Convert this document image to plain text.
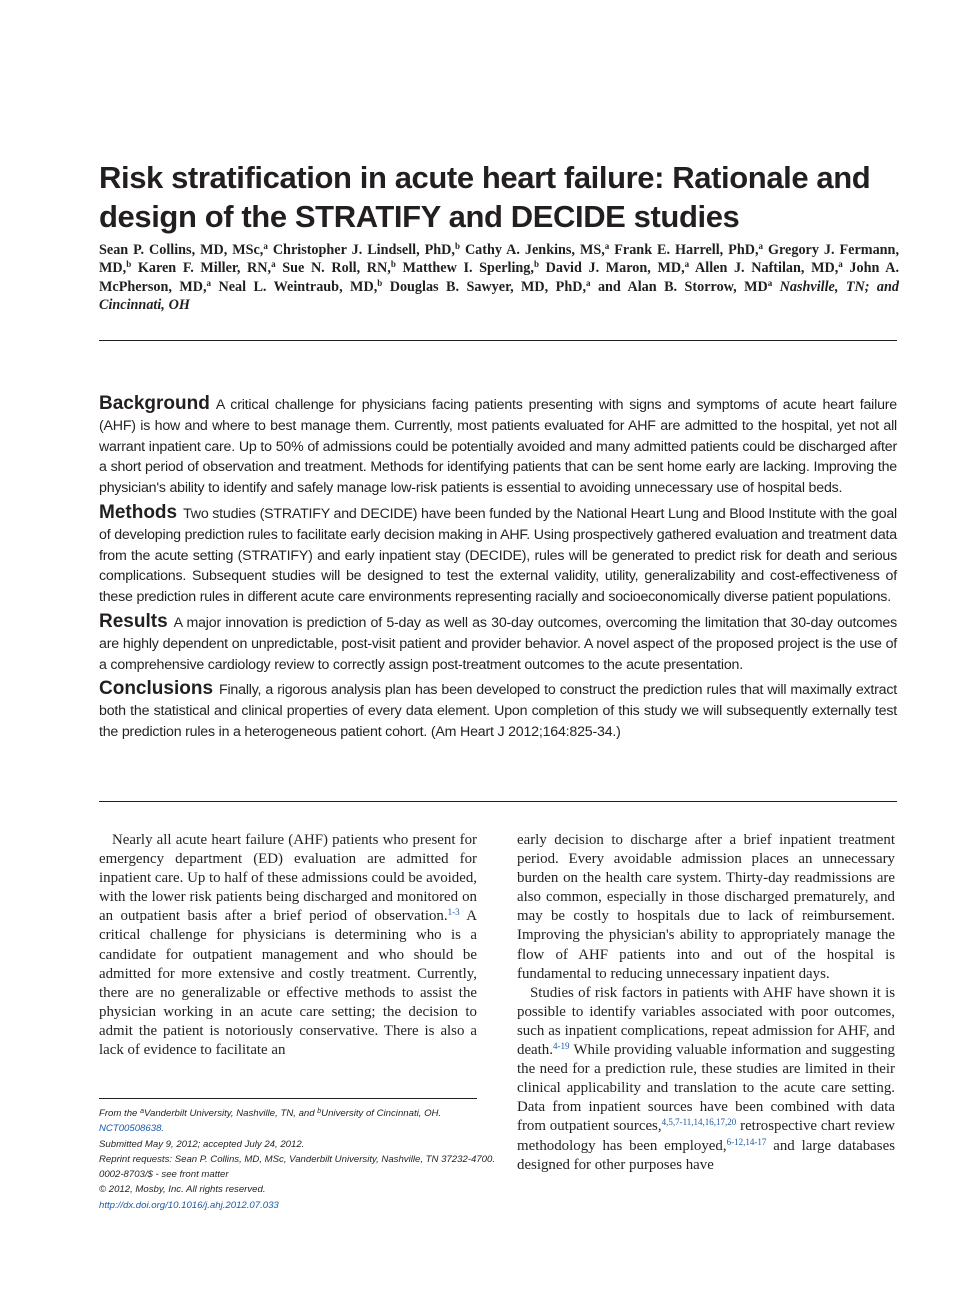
Risk stratification in acute heart failure: Rationale and design of the STRATIFY and DECIDE studies
Sean P. Collins, MD, MSc,$^a$ Christopher J. Lindsell, PhD,$^b$ Cathy A. Jenkins, MS,$^a$ Frank E. Harrell, PhD,$^a$ Gregory J. Fermann, MD,$^b$ Karen F. Miller, RN,$^a$ Sue N. Roll, RN,$^b$ Matthew I. Sperling,$^b$ David J. Maron, MD,$^a$ Allen J. Naftilan, MD,$^a$ John A. McPherson, MD,$^a$ Neal L. Weintraub, MD,$^b$ Douglas B. Sawyer, MD, PhD,$^a$ and Alan B. Storrow, $MD^a$ Nashville, TN; and Cincinnati, OH

Background A critical challenge for physicians facing patients presenting with signs and symptoms of acute heart failure (AHF) is how and where to best manage them. Currently, most patients evaluated for AHF are admitted to the hospital, yet not all warrant inpatient care. Up to 50% of admissions could be potentially avoided and many admitted patients could be discharged after a short period of observation and treatment. Methods for identifying patients that can be sent home early are lacking. Improving the physician's ability to identify and safely manage low-risk patients is essential to avoiding unnecessary use of hospital beds.

Methods Two studies (STRATIFY and DECIDE) have been funded by the National Heart Lung and Blood Institute with the goal of developing prediction rules to facilitate early decision making in AHF. Using prospectively gathered evaluation and treatment data from the acute setting (STRATIFY) and early inpatient stay (DECIDE), rules will be generated to predict risk for death and serious complications. Subsequent studies will be designed to test the external validity, utility, generalizability and cost-effectiveness of these prediction rules in different acute care environments representing racially and socioeconomically diverse patient populations.

Results A major innovation is prediction of 5-day as well as 30-day outcomes, overcoming the limitation that 30-day outcomes are highly dependent on unpredictable, post-visit patient and provider behavior. A novel aspect of the proposed project is the use of a comprehensive cardiology review to correctly assign post-treatment outcomes to the acute presentation.

Conclusions Finally, a rigorous analysis plan has been developed to construct the prediction rules that will maximally extract both the statistical and clinical properties of every data element. Upon completion of this study we will subsequently externally test the prediction rules in a heterogeneous patient cohort. (Am Heart J 2012;164:825-34.)

Nearly all acute heart failure (AHF) patients who present for emergency department (ED) evaluation are admitted for inpatient care. Up to half of these admissions could be avoided, with the lower risk patients being discharged and monitored on an outpatient basis after a brief period of observation.$^{1-3}$ A critical challenge for physicians is determining who is a candidate for outpatient management and who should be admitted for more extensive and costly treatment. Currently, there are no generalizable or effective methods to assist the physician working in an acute care setting; the decision to admit the patient is notoriously conservative. There is also a lack of evidence to facilitate an

early decision to discharge after a brief inpatient treatment period. Every avoidable admission places an unnecessary burden on the health care system. Thirty-day readmissions are also common, especially in those discharged prematurely, and may be costly to hospitals due to lack of reimbursement. Improving the physician's ability to appropriately manage the flow of AHF patients into and out of the hospital is fundamental to reducing unnecessary inpatient days.

Studies of risk factors in patients with AHF have shown it is possible to identify variables associated with poor outcomes, such as inpatient complications, repeat admission for AHF, and death.$^{4-19}$ While providing valuable information and suggesting the need for a prediction rule, these studies are limited in their clinical applicability and translation to the acute care setting. Data from inpatient sources have been combined with data from outpatient sources,$^{4,5,7-11,14,16,17,20}$ retrospective chart review methodology has been employed,$^{6-12,14-17}$ and large databases designed for other purposes have

From the $^a$Vanderbilt University, Nashville, TN, and $^b$University of Cincinnati, OH.
NCT00508638.
Submitted May 9, 2012; accepted July 24, 2012.
Reprint requests: Sean P. Collins, MD, MSc, Vanderbilt University, Nashville, TN 37232-4700.
0002-8703/$ - see front matter
© 2012, Mosby, Inc. All rights reserved.
http://dx.doi.org/10.1016/j.ahj.2012.07.033
